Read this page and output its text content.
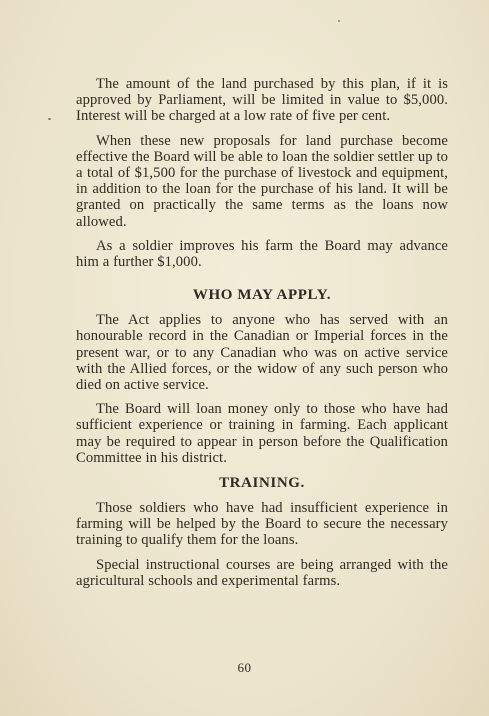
The amount of the land purchased by this plan, if it is approved by Parliament, will be limited in value to $5,000. Interest will be charged at a low rate of five per cent.

When these new proposals for land purchase become effective the Board will be able to loan the soldier settler up to a total of $1,500 for the purchase of livestock and equipment, in addition to the loan for the purchase of his land. It will be granted on practically the same terms as the loans now allowed.

As a soldier improves his farm the Board may advance him a further $1,000.

WHO MAY APPLY.

The Act applies to anyone who has served with an honourable record in the Canadian or Imperial forces in the present war, or to any Canadian who was on active service with the Allied forces, or the widow of any such person who died on active service.

The Board will loan money only to those who have had sufficient experience or training in farming. Each applicant may be required to appear in person before the Qualification Committee in his district.

TRAINING.

Those soldiers who have had insufficient experience in farming will be helped by the Board to secure the necessary training to qualify them for the loans.

Special instructional courses are being arranged with the agricultural schools and experimental farms.

60
